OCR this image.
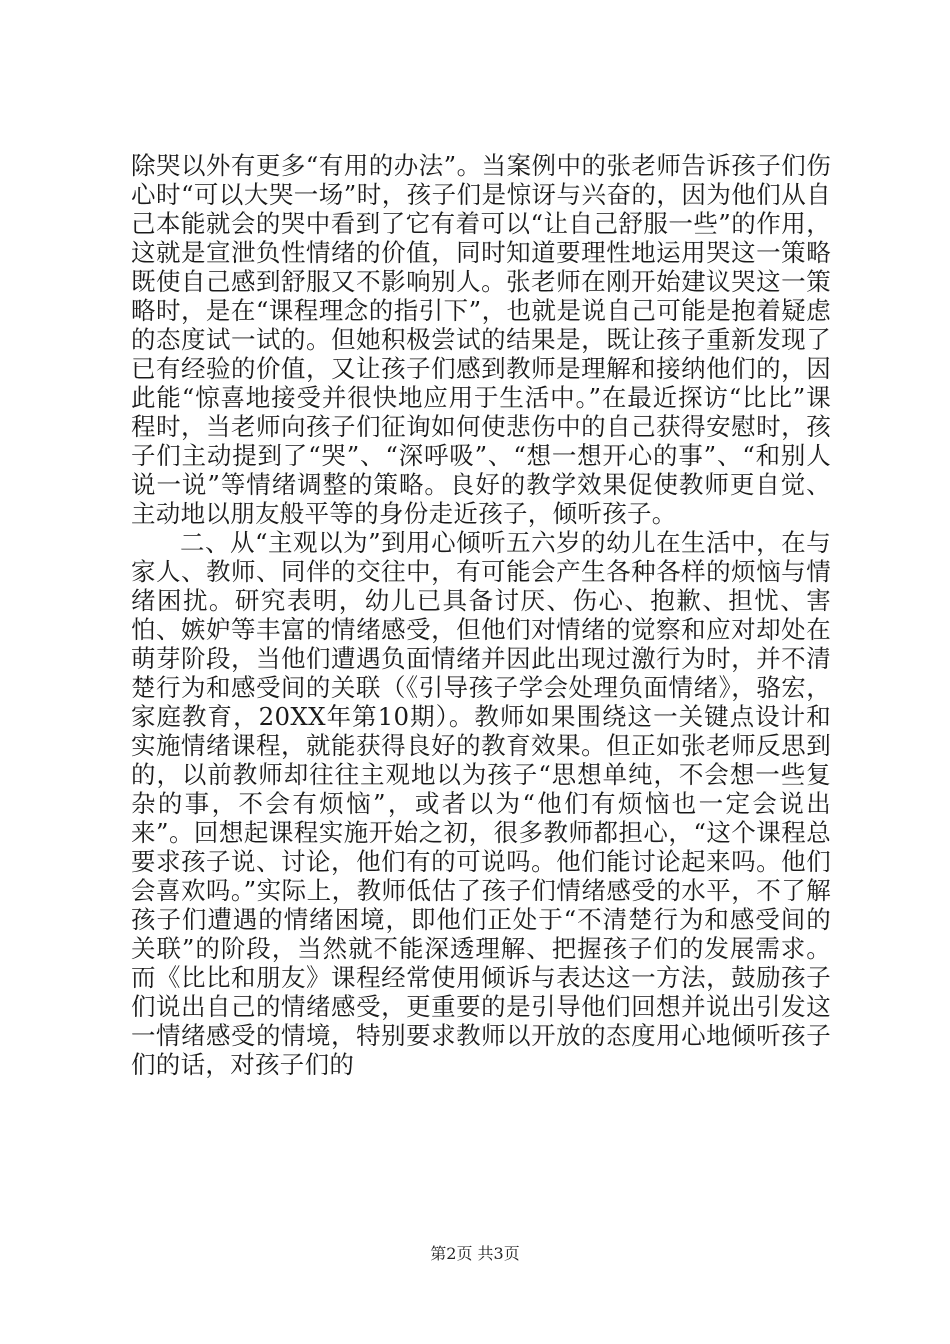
除哭以外有更多“有用的办法”。当案例中的张老师告诉孩子们伤心时“可以大哭一场”时，孩子们是惊讶与兴奋的，因为他们从自己本能就会的哭中看到了它有着可以“让自己舒服一些”的作用，这就是宣泄负性情绪的价值，同时知道要理性地运用哭这一策略既使自己感到舒服又不影响别人。张老师在刚开始建议哭这一策略时，是在“课程理念的指引下”，也就是说自己可能是抱着疑虑的态度试一试的。但她积极尝试的结果是，既让孩子重新发现了已有经验的价值，又让孩子们感到教师是理解和接纳他们的，因此能“惊喜地接受并很快地应用于生活中。”在最近探访“比比”课程时，当老师向孩子们征询如何使悲伤中的自己获得安慰时，孩子们主动提到了“哭”、“深呼吸”、“想一想开心的事”、“和别人说一说”等情绪调整的策略。良好的教学效果促使教师更自觉、主动地以朋友般平等的身份走近孩子，倾听孩子。

二、从“主观以为”到用心倾听五六岁的幼儿在生活中，在与家人、教师、同伴的交往中，有可能会产生各种各样的烦恼与情绪困扰。研究表明，幼儿已具备讨厌、伤心、抱歉、担忧、害怕、嫉妒等丰富的情绪感受，但他们对情绪的觉察和应对却处在萌芽阶段，当他们遭遇负面情绪并因此出现过激行为时，并不清楚行为和感受间的关联（《引导孩子学会处理负面情绪》，骆宏，家庭教育，20XX年第10期）。教师如果围绕这一关键点设计和实施情绪课程，就能获得良好的教育效果。但正如张老师反思到的，以前教师却往往主观地以为孩子“思想单纯，不会想一些复杂的事，不会有烦恼”，或者以为“他们有烦恼也一定会说出来”。回想起课程实施开始之初，很多教师都担心，“这个课程总要求孩子说、讨论，他们有的可说吗。他们能讨论起来吗。他们会喜欢吗。”实际上，教师低估了孩子们情绪感受的水平，不了解孩子们遭遇的情绪困境，即他们正处于“不清楚行为和感受间的关联”的阶段，当然就不能深透理解、把握孩子们的发展需求。而《比比和朋友》课程经常使用倾诉与表达这一方法，鼓励孩子们说出自己的情绪感受，更重要的是引导他们回想并说出引发这一情绪感受的情境，特别要求教师以开放的态度用心地倾听孩子们的话，对孩子们的

第2页 共3页
